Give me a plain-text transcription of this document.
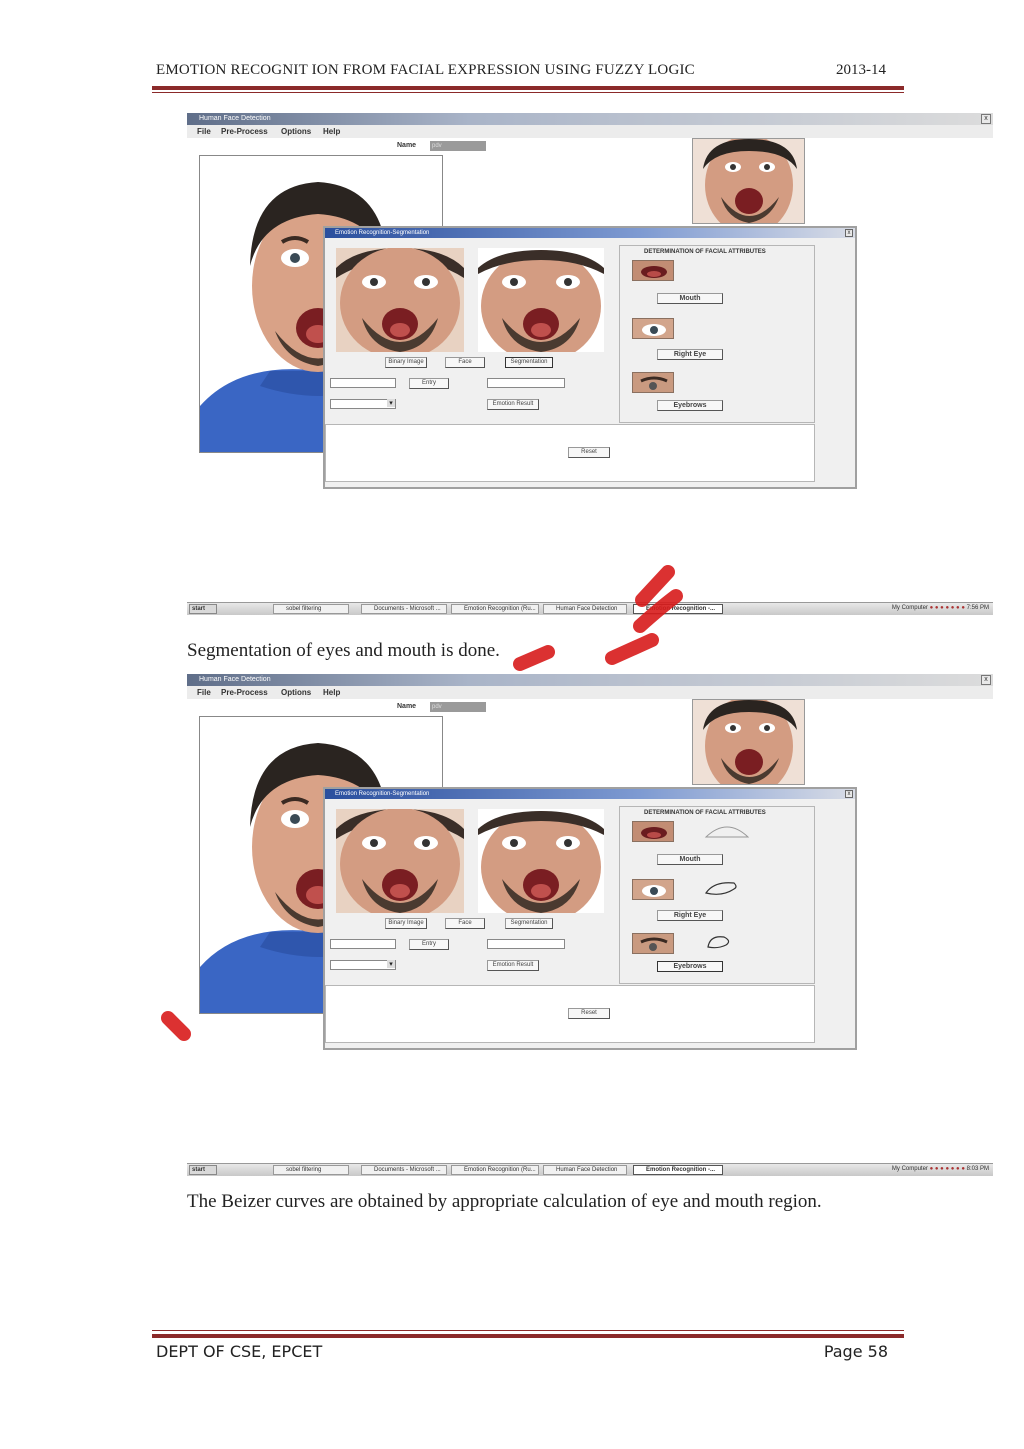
EMOTION RECOGNIT ION FROM FACIAL EXPRESSION USING FUZZY LOGIC	2013-14
Human Face Detection	x
File Pre-Process Options Help
Name	pdv
Emotion Recognition-Segmentation	x
Binary Image	Face	Segmentation
Entry
▾
Emotion Result
DETERMINATION OF FACIAL ATTRIBUTES
Mouth
Right Eye
Eyebrows
Reset
start	sobel filtering	Documents - Microsoft ...	Emotion Recognition (Ru...	Human Face Detection	Emotion Recognition -...	My Computer ● ● ● ● ● ● ● 7:56 PM
Segmentation of eyes and mouth is done.
Human Face Detection	x
File Pre-Process Options Help
Name	pdv
Emotion Recognition-Segmentation	x
Binary Image	Face	Segmentation
Entry
▾
Emotion Result
DETERMINATION OF FACIAL ATTRIBUTES
Mouth
Right Eye
Eyebrows
Reset
start	sobel filtering	Documents - Microsoft ...	Emotion Recognition (Ru...	Human Face Detection	Emotion Recognition -...	My Computer ● ● ● ● ● ● ● 8:03 PM
The Beizer curves are obtained by appropriate calculation of eye and mouth region.
DEPT OF CSE, EPCET	Page 58
